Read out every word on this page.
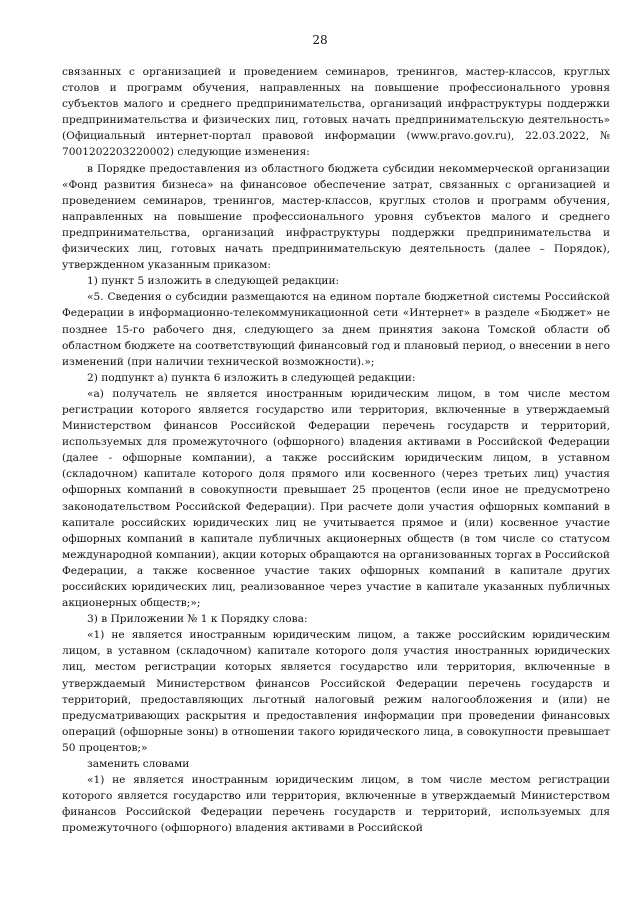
28

связанных с организацией и проведением семинаров, тренингов, мастер-классов, круглых столов и программ обучения, направленных на повышение профессионального уровня субъектов малого и среднего предпринимательства, организаций инфраструктуры поддержки предпринимательства и физических лиц, готовых начать предпринимательскую деятельность» (Официальный интернет-портал правовой информации (www.pravo.gov.ru), 22.03.2022, № 7001202203220002) следующие изменения:

в Порядке предоставления из областного бюджета субсидии некоммерческой организации «Фонд развития бизнеса» на финансовое обеспечение затрат, связанных с организацией и проведением семинаров, тренингов, мастер-классов, круглых столов и программ обучения, направленных на повышение профессионального уровня субъектов малого и среднего предпринимательства, организаций инфраструктуры поддержки предпринимательства и физических лиц, готовых начать предпринимательскую деятельность (далее – Порядок), утвержденном указанным приказом:

1) пункт 5 изложить в следующей редакции:

«5. Сведения о субсидии размещаются на едином портале бюджетной системы Российской Федерации в информационно-телекоммуникационной сети «Интернет» в разделе «Бюджет» не позднее 15-го рабочего дня, следующего за днем принятия закона Томской области об областном бюджете на соответствующий финансовый год и плановый период, о внесении в него изменений (при наличии технической возможности).»;

2) подпункт а) пункта 6 изложить в следующей редакции:

«а) получатель не является иностранным юридическим лицом, в том числе местом регистрации которого является государство или территория, включенные в утверждаемый Министерством финансов Российской Федерации перечень государств и территорий, используемых для промежуточного (офшорного) владения активами в Российской Федерации (далее - офшорные компании), а также российским юридическим лицом, в уставном (складочном) капитале которого доля прямого или косвенного (через третьих лиц) участия офшорных компаний в совокупности превышает 25 процентов (если иное не предусмотрено законодательством Российской Федерации). При расчете доли участия офшорных компаний в капитале российских юридических лиц не учитывается прямое и (или) косвенное участие офшорных компаний в капитале публичных акционерных обществ (в том числе со статусом международной компании), акции которых обращаются на организованных торгах в Российской Федерации, а также косвенное участие таких офшорных компаний в капитале других российских юридических лиц, реализованное через участие в капитале указанных публичных акционерных обществ;»;

3) в Приложении № 1 к Порядку слова:

«1) не является иностранным юридическим лицом, а также российским юридическим лицом, в уставном (складочном) капитале которого доля участия иностранных юридических лиц, местом регистрации которых является государство или территория, включенные в утверждаемый Министерством финансов Российской Федерации перечень государств и территорий, предоставляющих льготный налоговый режим налогообложения и (или) не предусматривающих раскрытия и предоставления информации при проведении финансовых операций (офшорные зоны) в отношении такого юридического лица, в совокупности превышает 50 процентов;»

заменить словами

«1) не является иностранным юридическим лицом, в том числе местом регистрации которого является государство или территория, включенные в утверждаемый Министерством финансов Российской Федерации перечень государств и территорий, используемых для промежуточного (офшорного) владения активами в Российской
